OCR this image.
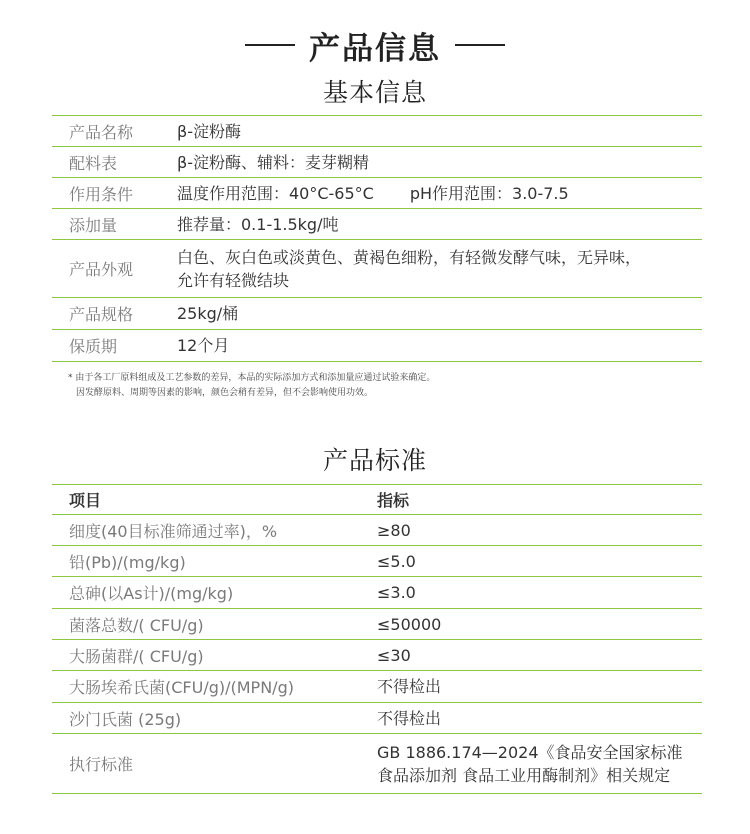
产品信息
基本信息
产品名称	β-淀粉酶
配料表	β-淀粉酶、辅料：麦芽糊精
作用条件	温度作用范围：40°C-65°C pH作用范围：3.0-7.5
添加量	推荐量：0.1-1.5kg/吨
产品外观	白色、灰白色或淡黄色、黄褐色细粉，有轻微发酵气味，无异味，
允许有轻微结块

产品规格	25kg/桶
保质期	12个月
* 由于各工厂原料组成及工艺参数的差异，本品的实际添加方式和添加量应通过试验来确定。
因发酵原料、周期等因素的影响，颜色会稍有差异，但不会影响使用功效。
产品标准
项目	指标
细度(40目标准筛通过率)，%	≥80
铅(Pb)/(mg/kg)	≤5.0
总砷(以As计)/(mg/kg)	≤3.0
菌落总数/( CFU/g)	≤50000
大肠菌群/( CFU/g)	≤30
大肠埃希氏菌(CFU/g)/(MPN/g)	不得检出
沙门氏菌 (25g)	不得检出
执行标准	GB 1886.174—2024《食品安全国家标准
食品添加剂 食品工业用酶制剂》相关规定
